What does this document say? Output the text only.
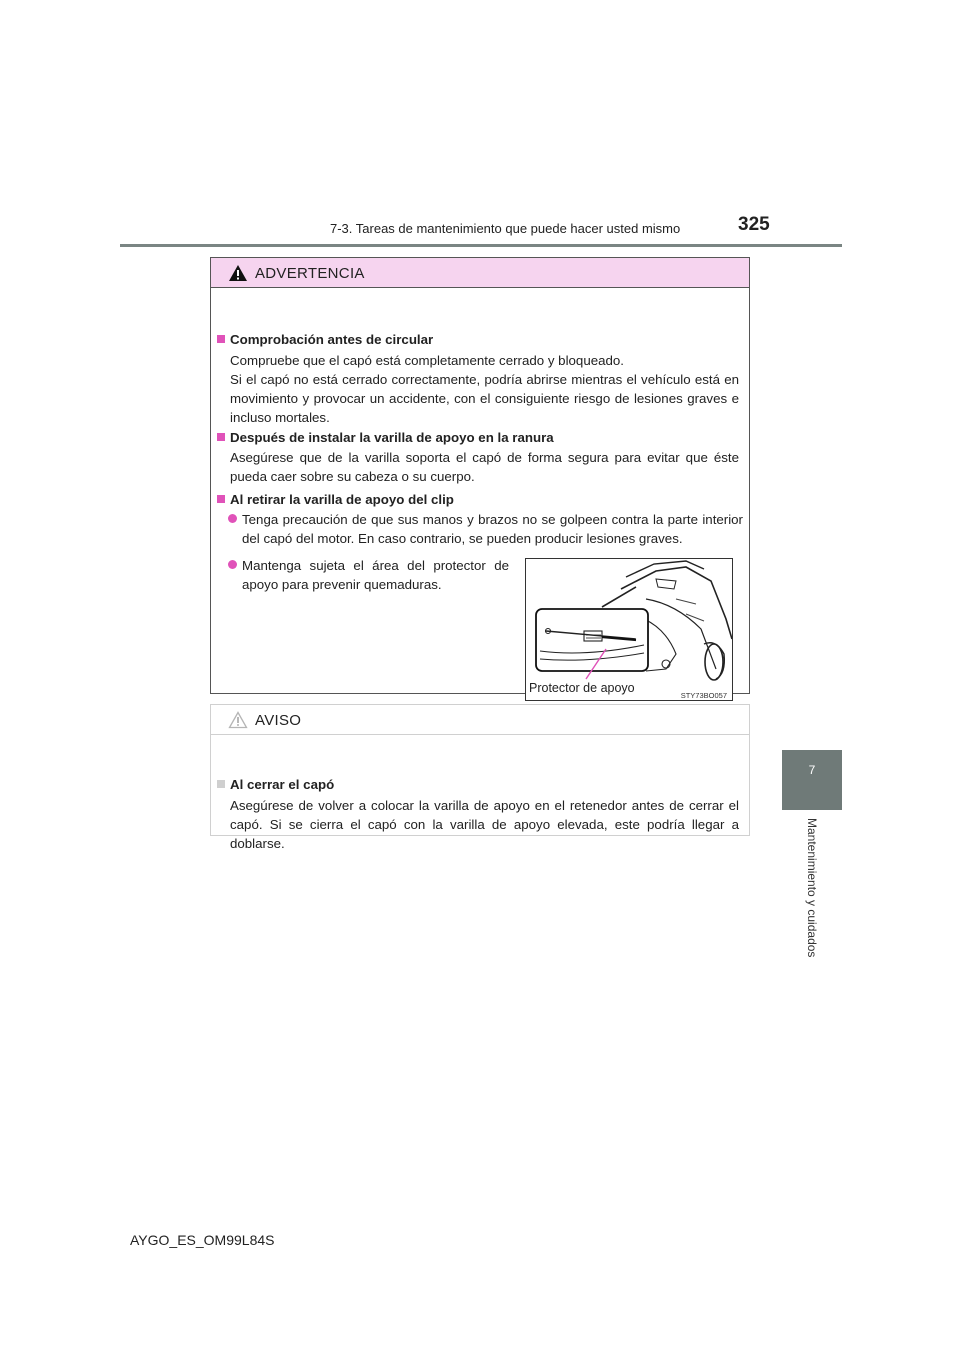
7-3. Tareas de mantenimiento que puede hacer usted mismo	325
7
Mantenimiento y cuidados
ADVERTENCIA
Comprobación antes de circular
Compruebe que el capó está completamente cerrado y bloqueado.
Si el capó no está cerrado correctamente, podría abrirse mientras el vehículo está en movimiento y provocar un accidente, con el consiguiente riesgo de lesiones graves e incluso mortales.
Después de instalar la varilla de apoyo en la ranura
Asegúrese que de la varilla soporta el capó de forma segura para evitar que éste pueda caer sobre su cabeza o su cuerpo.
Al retirar la varilla de apoyo del clip
Tenga precaución de que sus manos y brazos no se golpeen contra la parte interior del capó del motor. En caso contrario, se pueden producir lesiones graves.
Mantenga sujeta el área del protector de apoyo para prevenir quemaduras.
Protector de apoyo
STY73BO057
AVISO
Al cerrar el capó
Asegúrese de volver a colocar la varilla de apoyo en el retenedor antes de cerrar el capó. Si se cierra el capó con la varilla de apoyo elevada, este podría llegar a doblarse.
AYGO_ES_OM99L84S
